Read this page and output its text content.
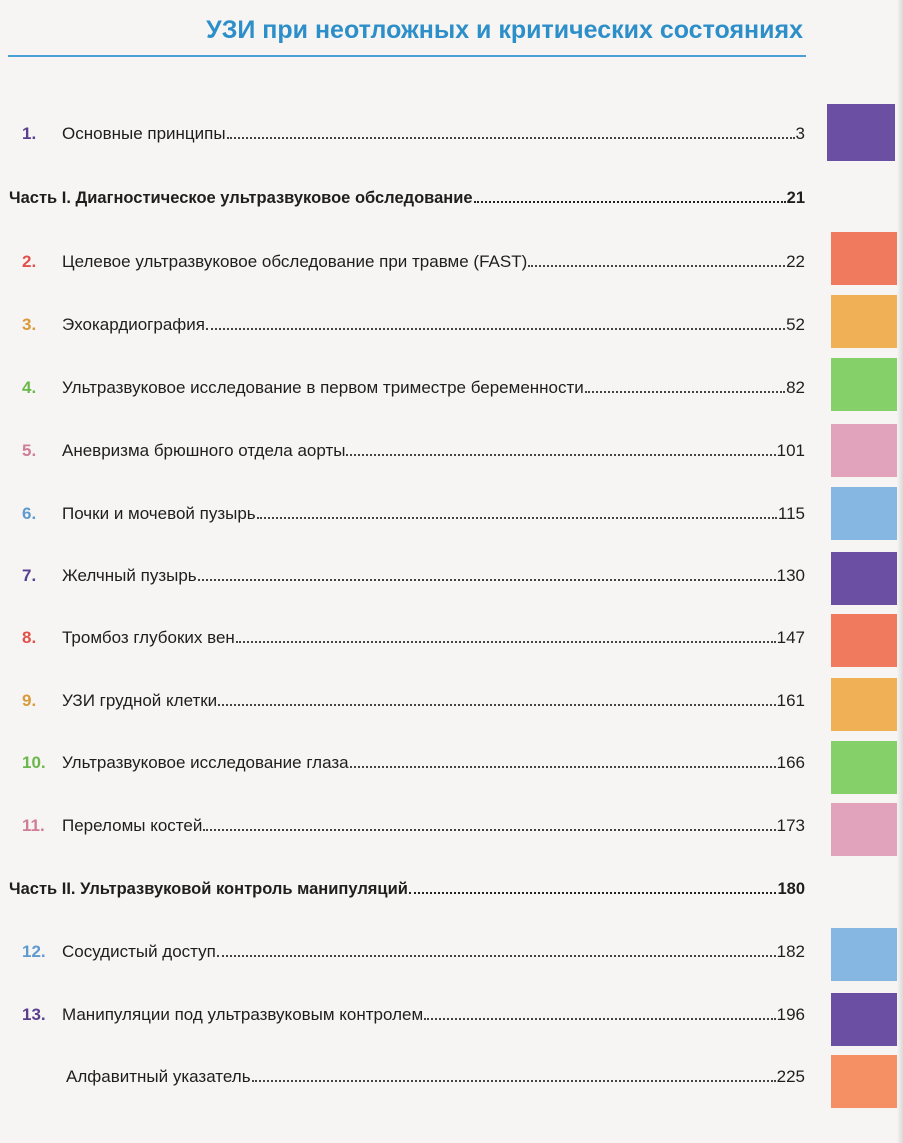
УЗИ при неотложных и критических состояниях
1.	Основные принципы	3
Часть I. Диагностическое ультразвуковое обследование	21
2.	Целевое ультразвуковое обследование при травме (FAST)	22
3.	Эхокардиография	52
4.	Ультразвуковое исследование в первом триместре беременности	82
5.	Аневризма брюшного отдела аорты	101
6.	Почки и мочевой пузырь	115
7.	Желчный пузырь	130
8.	Тромбоз глубоких вен	147
9.	УЗИ грудной клетки	161
10. Ультразвуковое исследование глаза	166
11.	Переломы костей	173
Часть II. Ультразвуковой контроль манипуляций	180
12. Сосудистый доступ	182
13. Манипуляции под ультразвуковым контролем	196
Алфавитный указатель	225
